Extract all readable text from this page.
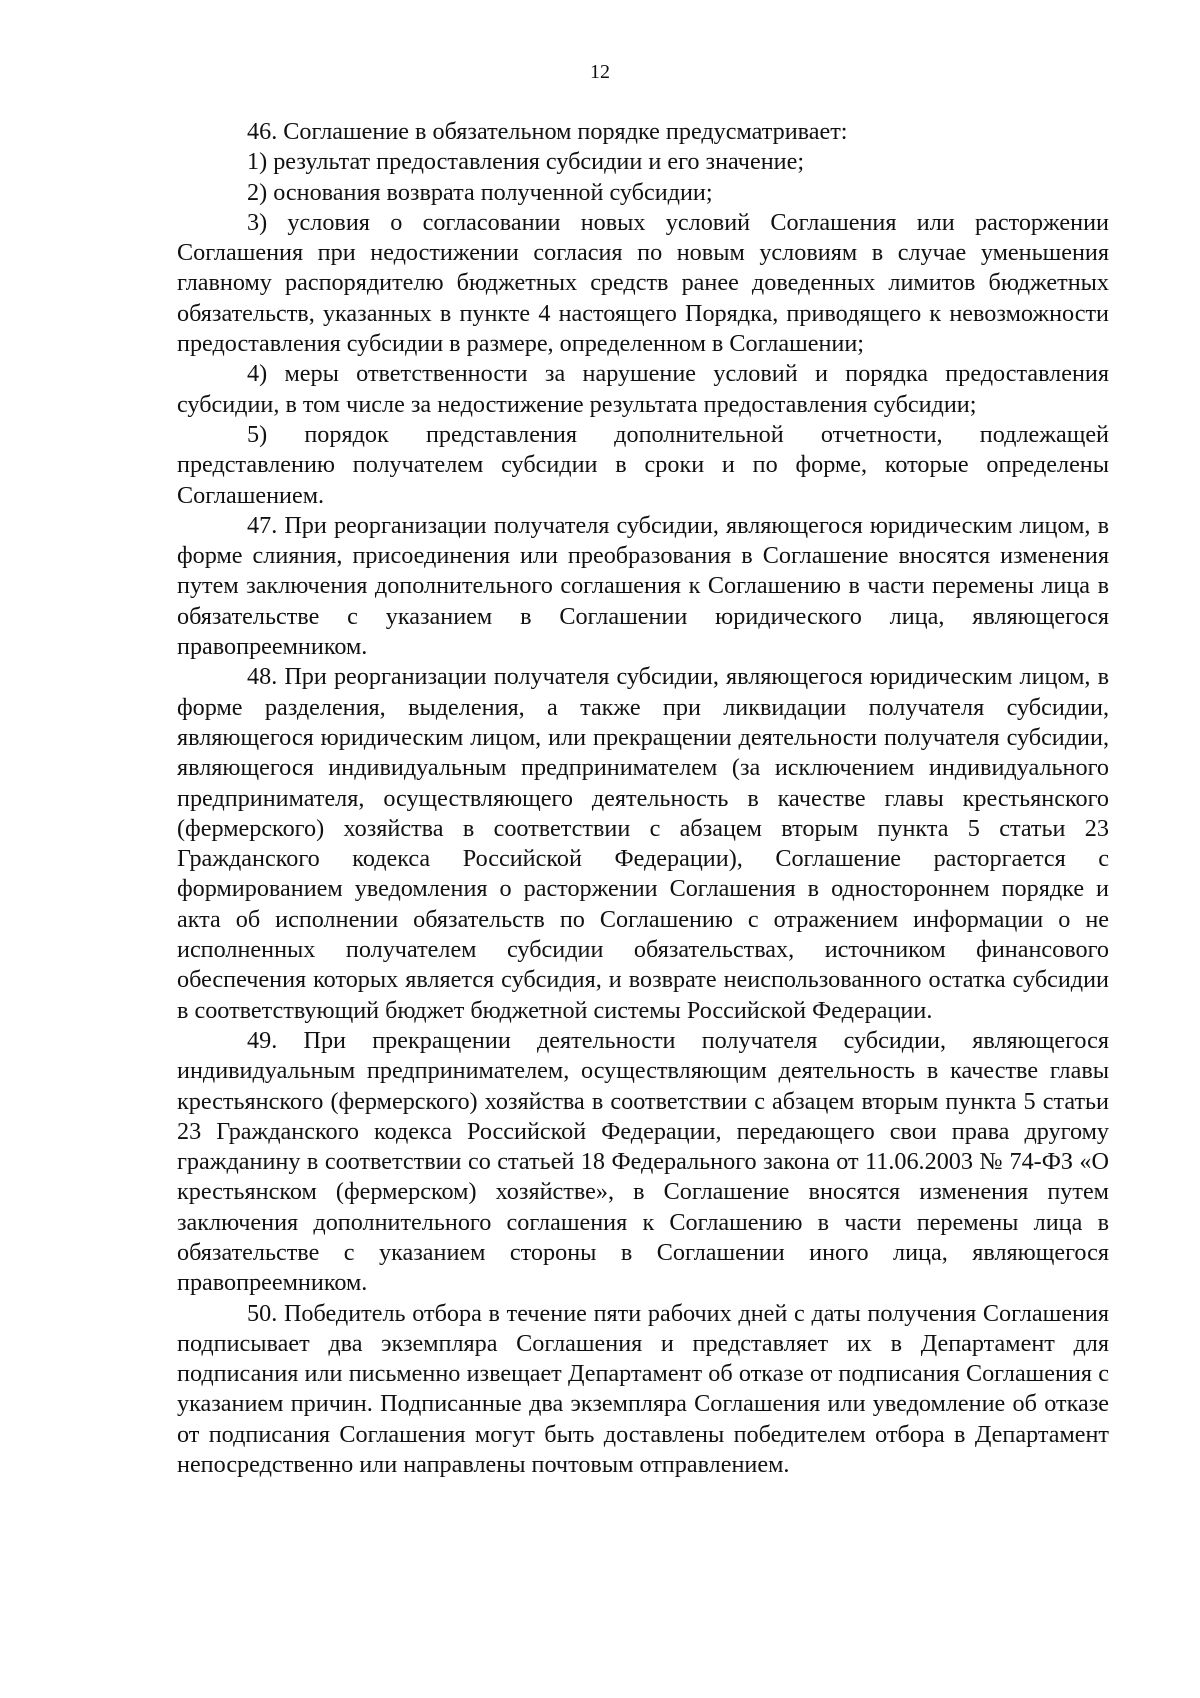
12

46. Соглашение в обязательном порядке предусматривает:

1) результат предоставления субсидии и его значение;

2) основания возврата полученной субсидии;

3) условия о согласовании новых условий Соглашения или расторжении Соглашения при недостижении согласия по новым условиям в случае уменьшения главному распорядителю бюджетных средств ранее доведенных лимитов бюджетных обязательств, указанных в пункте 4 настоящего Порядка, приводящего к невозможности предоставления субсидии в размере, определенном в Соглашении;

4) меры ответственности за нарушение условий и порядка предоставления субсидии, в том числе за недостижение результата предоставления субсидии;

5) порядок представления дополнительной отчетности, подлежащей представлению получателем субсидии в сроки и по форме, которые определены Соглашением.

47. При реорганизации получателя субсидии, являющегося юридическим лицом, в форме слияния, присоединения или преобразования в Соглашение вносятся изменения путем заключения дополнительного соглашения к Соглашению в части перемены лица в обязательстве с указанием в Соглашении юридического лица, являющегося правопреемником.

48. При реорганизации получателя субсидии, являющегося юридическим лицом, в форме разделения, выделения, а также при ликвидации получателя субсидии, являющегося юридическим лицом, или прекращении деятельности получателя субсидии, являющегося индивидуальным предпринимателем (за исключением индивидуального предпринимателя, осуществляющего деятельность в качестве главы крестьянского (фермерского) хозяйства в соответствии с абзацем вторым пункта 5 статьи 23 Гражданского кодекса Российской Федерации), Соглашение расторгается с формированием уведомления о расторжении Соглашения в одностороннем порядке и акта об исполнении обязательств по Соглашению с отражением информации о не исполненных получателем субсидии обязательствах, источником финансового обеспечения которых является субсидия, и возврате неиспользованного остатка субсидии в соответствующий бюджет бюджетной системы Российской Федерации.

49. При прекращении деятельности получателя субсидии, являющегося индивидуальным предпринимателем, осуществляющим деятельность в качестве главы крестьянского (фермерского) хозяйства в соответствии с абзацем вторым пункта 5 статьи 23 Гражданского кодекса Российской Федерации, передающего свои права другому гражданину в соответствии со статьей 18 Федерального закона от 11.06.2003 № 74-ФЗ «О крестьянском (фермерском) хозяйстве», в Соглашение вносятся изменения путем заключения дополнительного соглашения к Соглашению в части перемены лица в обязательстве с указанием стороны в Соглашении иного лица, являющегося правопреемником.

50. Победитель отбора в течение пяти рабочих дней с даты получения Соглашения подписывает два экземпляра Соглашения и представляет их в Департамент для подписания или письменно извещает Департамент об отказе от подписания Соглашения с указанием причин. Подписанные два экземпляра Соглашения или уведомление об отказе от подписания Соглашения могут быть доставлены победителем отбора в Департамент непосредственно или направлены почтовым отправлением.
